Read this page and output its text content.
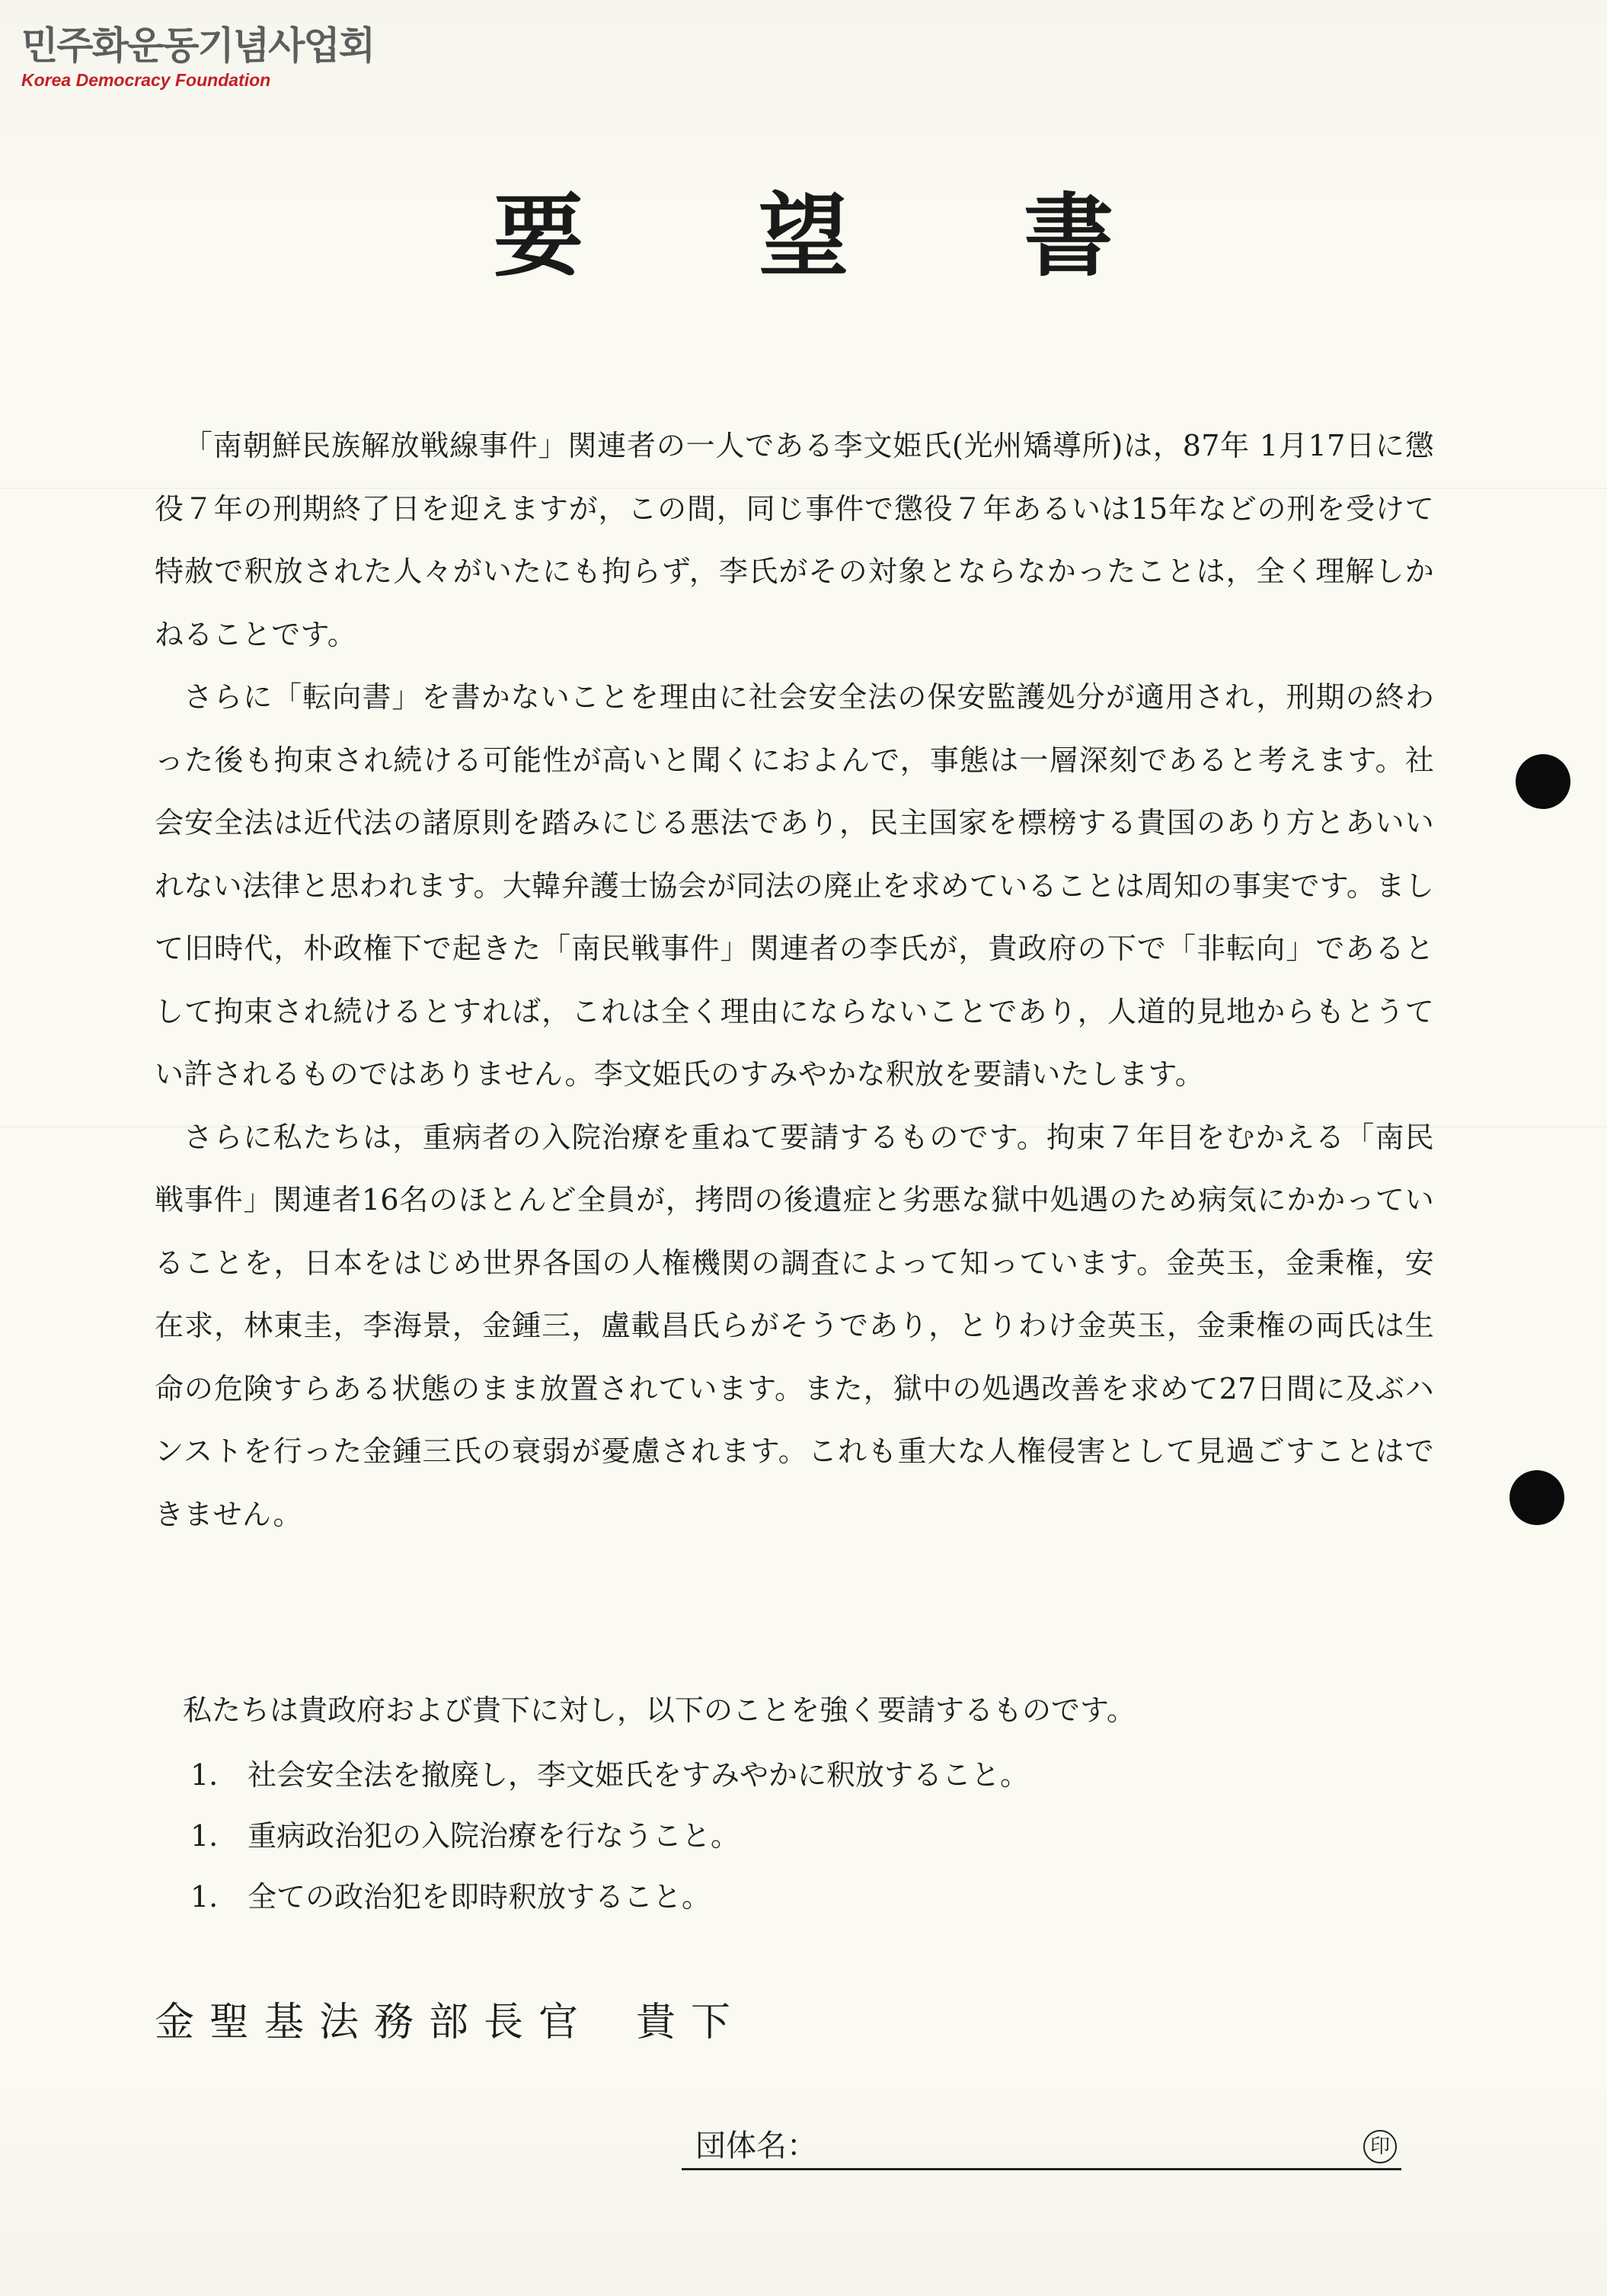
민주화운동기념사업회
Korea Democracy Foundation
要望書

「南朝鮮民族解放戦線事件」関連者の一人である李文姫氏(光州矯導所)は，87年 1月17日に懲役７年の刑期終了日を迎えますが，この間，同じ事件で懲役７年あるいは15年などの刑を受けて特赦で釈放された人々がいたにも拘らず，李氏がその対象とならなかったことは，全く理解しかねることです。

さらに「転向書」を書かないことを理由に社会安全法の保安監護処分が適用され，刑期の終わった後も拘束され続ける可能性が高いと聞くにおよんで，事態は一層深刻であると考えます。社会安全法は近代法の諸原則を踏みにじる悪法であり，民主国家を標榜する貴国のあり方とあいいれない法律と思われます。大韓弁護士協会が同法の廃止を求めていることは周知の事実です。まして旧時代，朴政権下で起きた「南民戦事件」関連者の李氏が，貴政府の下で「非転向」であるとして拘束され続けるとすれば，これは全く理由にならないことであり，人道的見地からもとうてい許されるものではありません。李文姫氏のすみやかな釈放を要請いたします。

さらに私たちは，重病者の入院治療を重ねて要請するものです。拘束７年目をむかえる「南民戦事件」関連者16名のほとんど全員が，拷問の後遺症と劣悪な獄中処遇のため病気にかかっていることを，日本をはじめ世界各国の人権機関の調査によって知っています。金英玉，金秉権，安在求，林東圭，李海景，金鍾三，盧載昌氏らがそうであり，とりわけ金英玉，金秉権の両氏は生命の危険すらある状態のまま放置されています。また，獄中の処遇改善を求めて27日間に及ぶハンストを行った金鍾三氏の衰弱が憂慮されます。これも重大な人権侵害として見過ごすことはできません。

私たちは貴政府および貴下に対し，以下のことを強く要請するものです。
1.	社会安全法を撤廃し，李文姫氏をすみやかに釈放すること。
1.	重病政治犯の入院治療を行なうこと。
1.	全ての政治犯を即時釈放すること。
金聖基法務部長官 貴下
団体名：	印
